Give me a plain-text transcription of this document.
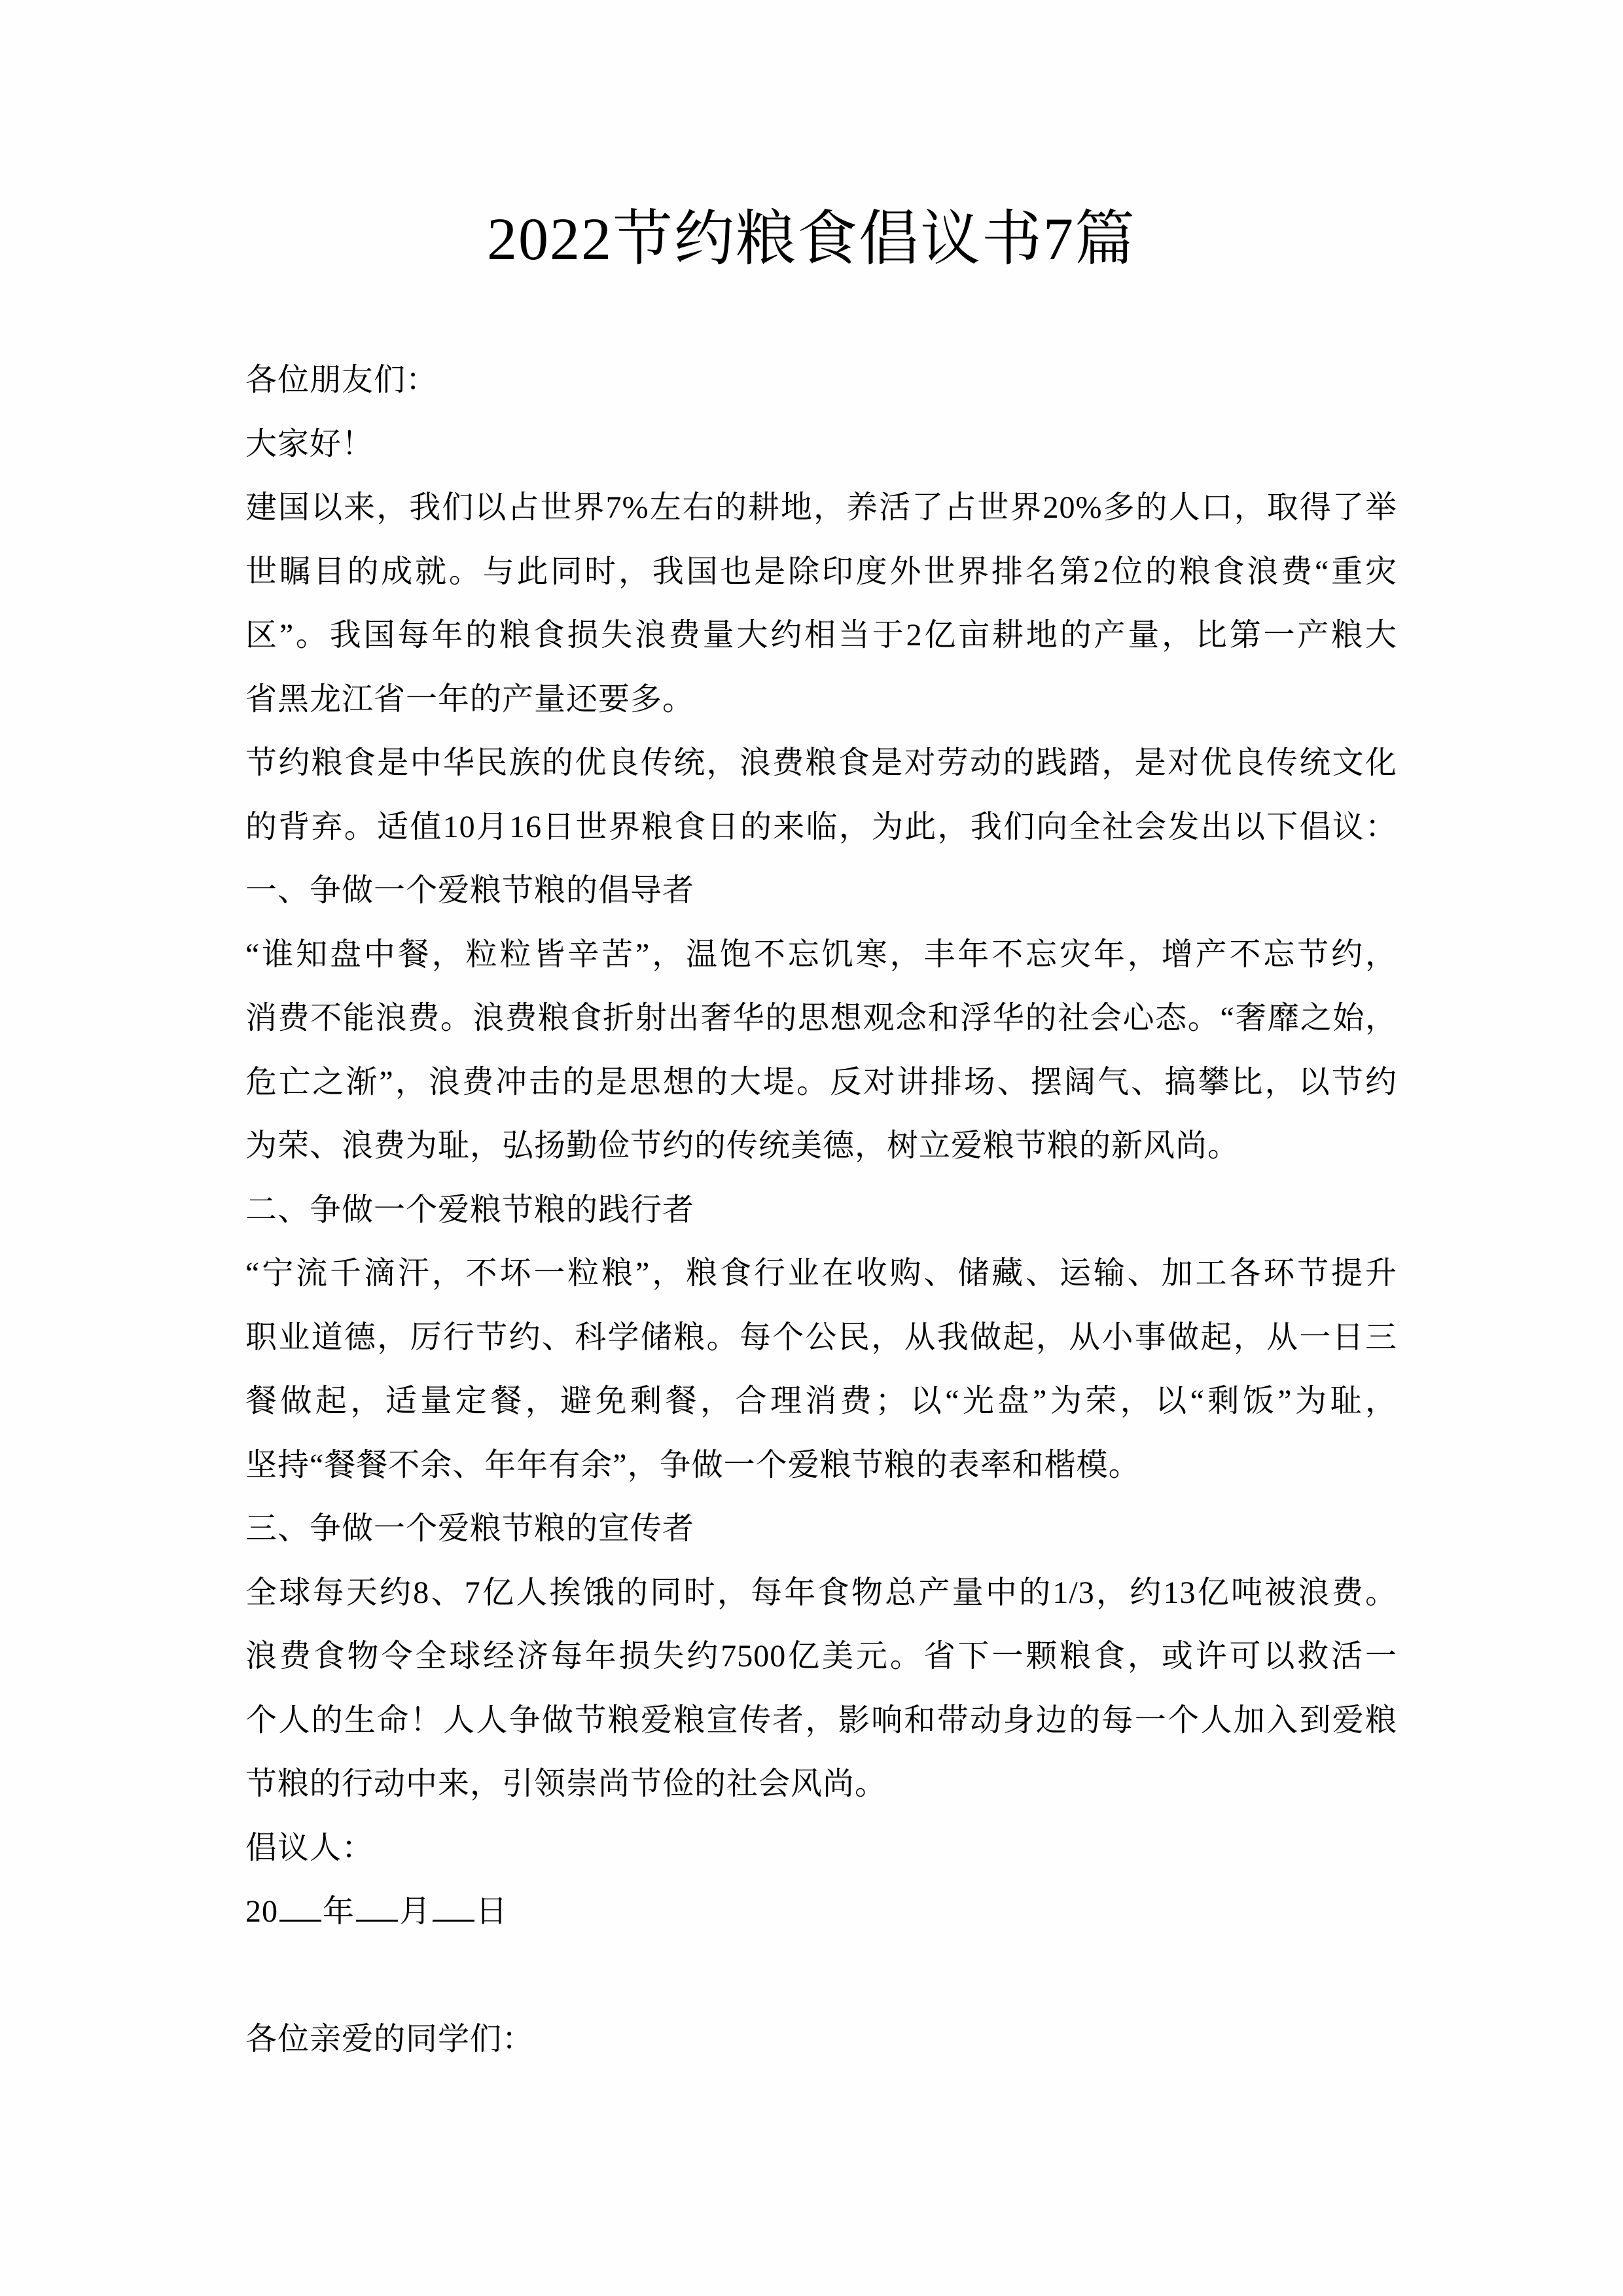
2022节约粮食倡议书7篇
各位朋友们：
大家好！
建国以来，我们以占世界7%左右的耕地，养活了占世界20%多的人口，取得了举
世瞩目的成就。与此同时，我国也是除印度外世界排名第2位的粮食浪费“重灾
区”。我国每年的粮食损失浪费量大约相当于2亿亩耕地的产量，比第一产粮大
省黑龙江省一年的产量还要多。
节约粮食是中华民族的优良传统，浪费粮食是对劳动的践踏，是对优良传统文化
的背弃。适值10月16日世界粮食日的来临，为此，我们向全社会发出以下倡议：
一、争做一个爱粮节粮的倡导者
“谁知盘中餐，粒粒皆辛苦”，温饱不忘饥寒，丰年不忘灾年，增产不忘节约，
消费不能浪费。浪费粮食折射出奢华的思想观念和浮华的社会心态。“奢靡之始，
危亡之渐”，浪费冲击的是思想的大堤。反对讲排场、摆阔气、搞攀比，以节约
为荣、浪费为耻，弘扬勤俭节约的传统美德，树立爱粮节粮的新风尚。
二、争做一个爱粮节粮的践行者
“宁流千滴汗，不坏一粒粮”，粮食行业在收购、储藏、运输、加工各环节提升
职业道德，厉行节约、科学储粮。每个公民，从我做起，从小事做起，从一日三
餐做起，适量定餐，避免剩餐，合理消费；以“光盘”为荣，以“剩饭”为耻，
坚持“餐餐不余、年年有余”，争做一个爱粮节粮的表率和楷模。
三、争做一个爱粮节粮的宣传者
全球每天约8、7亿人挨饿的同时，每年食物总产量中的1/3，约13亿吨被浪费。
浪费食物令全球经济每年损失约7500亿美元。省下一颗粮食，或许可以救活一
个人的生命！人人争做节粮爱粮宣传者，影响和带动身边的每一个人加入到爱粮
节粮的行动中来，引领崇尚节俭的社会风尚。
倡议人：
20 年 月 日
各位亲爱的同学们：
